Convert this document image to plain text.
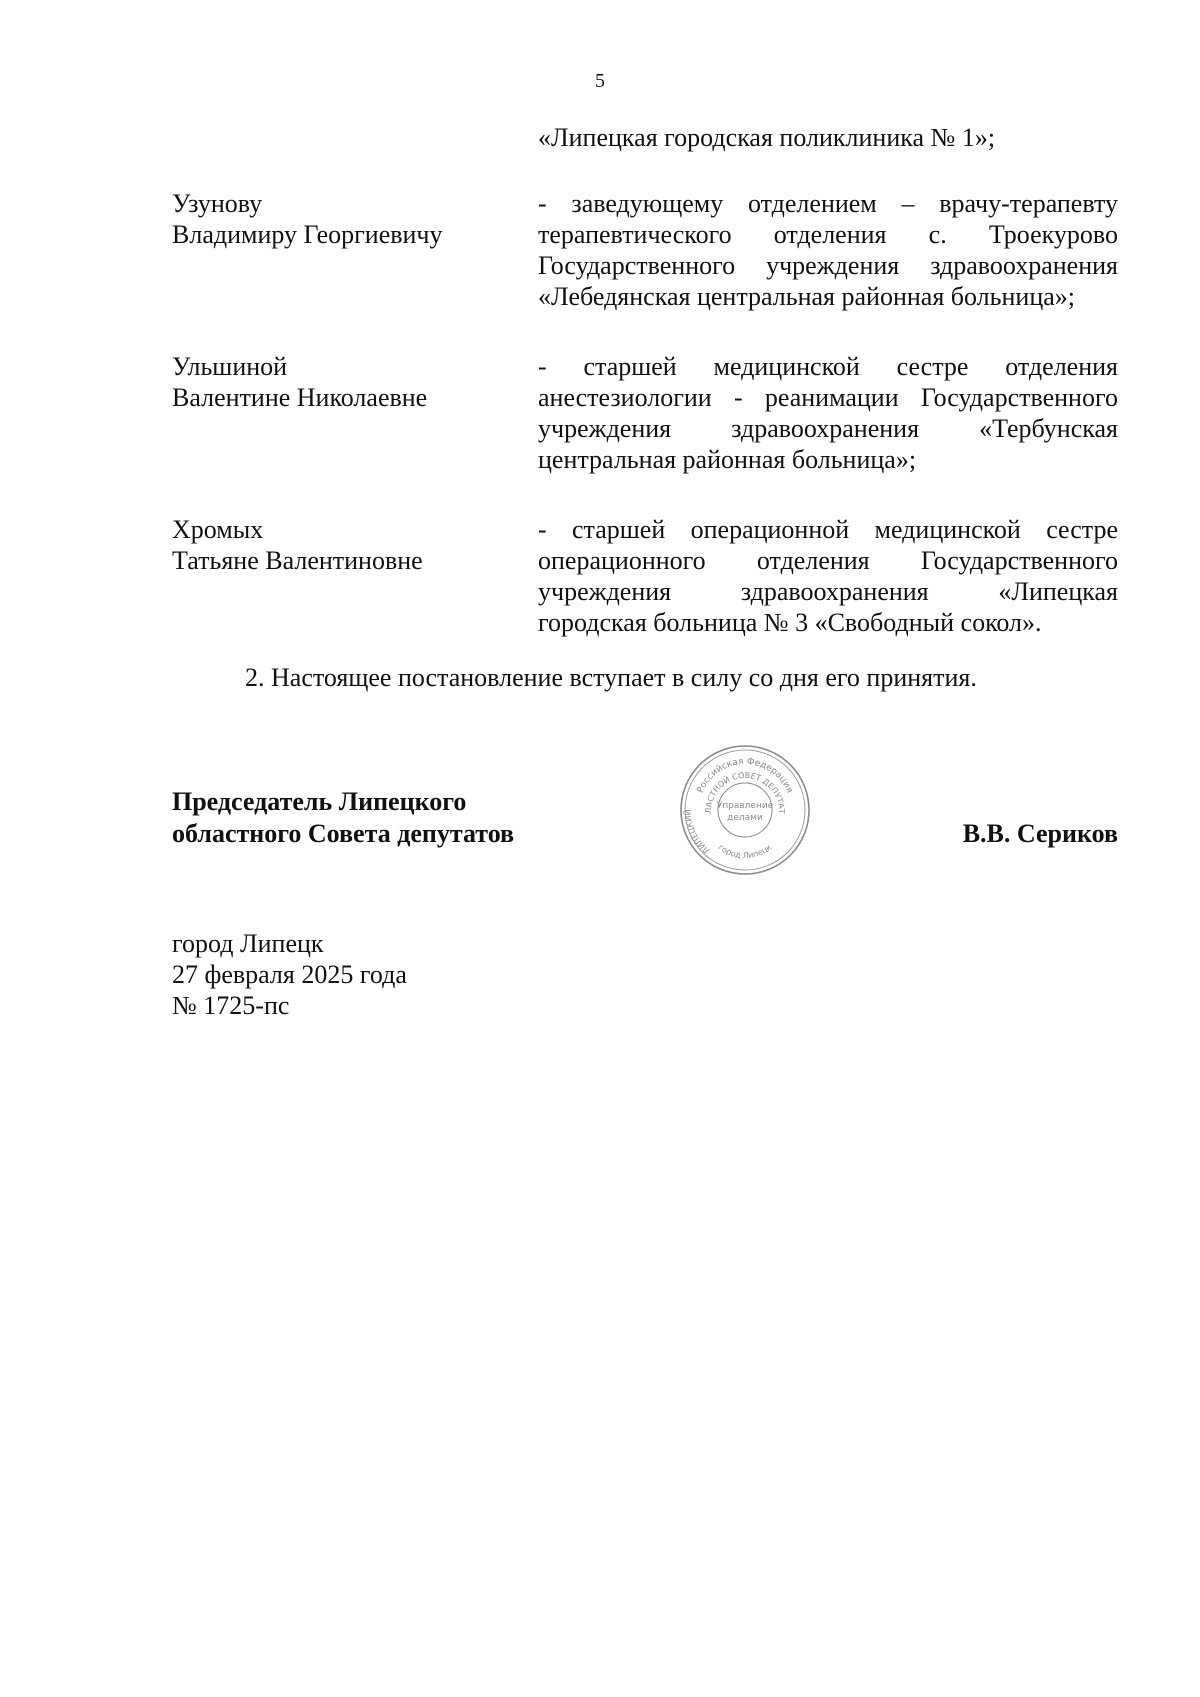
5
«Липецкая городская поликлиника № 1»;
Узунову
Владимиру Георгиевичу
- заведующему отделением – врачу-терапевту
терапевтического отделения с. Троекурово
Государственного учреждения здравоохранения
«Лебедянская центральная районная больница»;
Ульшиной
Валентине Николаевне
- старшей медицинской сестре отделения
анестезиологии - реанимации Государственного
учреждения здравоохранения «Тербунская
центральная районная больница»;
Хромых
Татьяне Валентиновне
- старшей операционной медицинской сестре
операционного отделения Государственного
учреждения здравоохранения «Липецкая
городская больница № 3 «Свободный сокол».
2. Настоящее постановление вступает в силу со дня его принятия.
Председатель Липецкого
областного Совета депутатов
Российская Федерация
ЛАСТНОЙ СОВЕТ ДЕПУТАТ
город Липецк
ЛИПЕЦКИЙ
Управление
делами
В.В. Сериков
город Липецк
27 февраля 2025 года
№ 1725-пс
